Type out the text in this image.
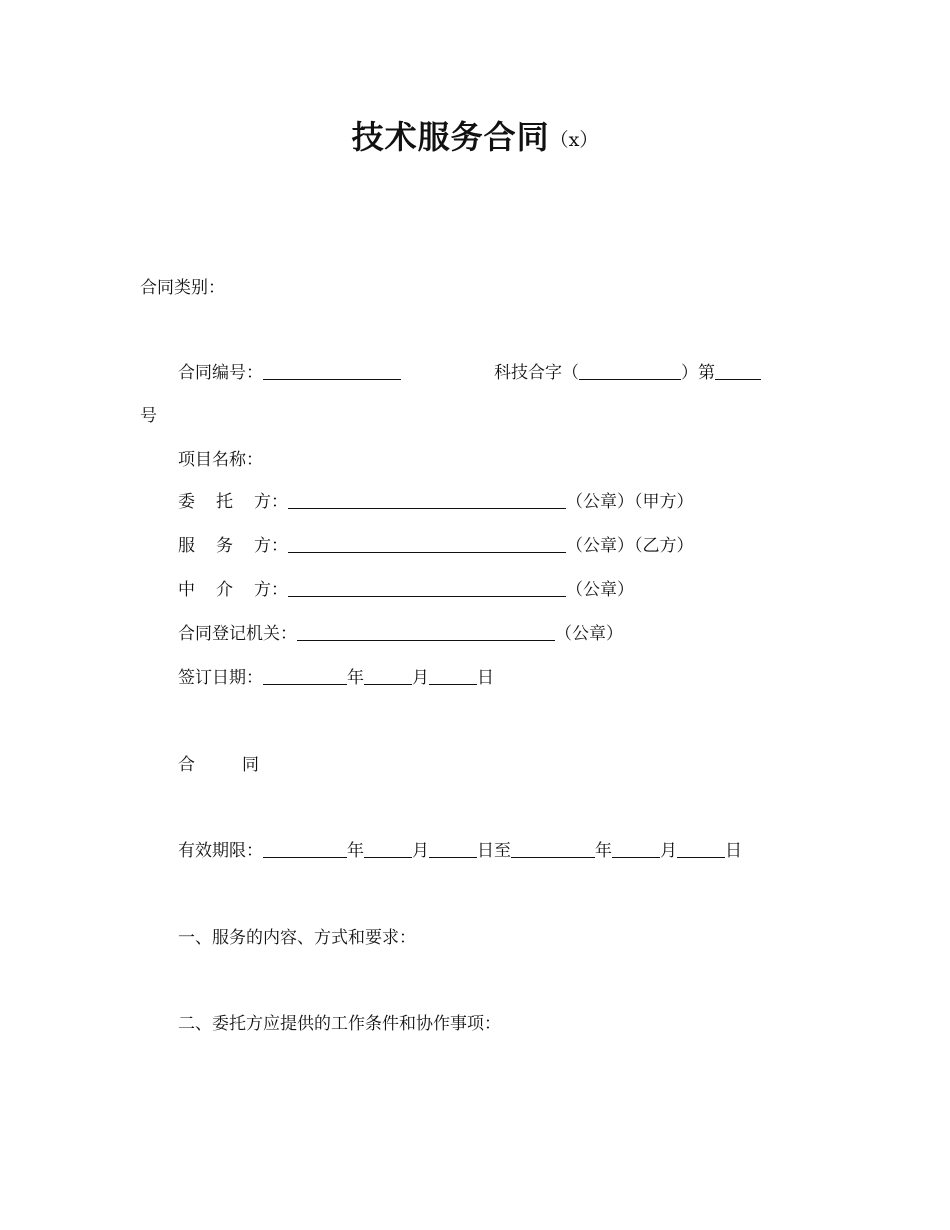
技术服务合同（x）
合同类别：
合同编号：	科技合字（	）第
号
项目名称：
委 托 方：	（公章）（甲方）
服 务 方：	（公章）（乙方）
中 介 方：	（公章）
合同登记机关：	（公章）
签订日期：	年	月	日
合	同
有效期限：	年	月	日至	年	月	日
一、服务的内容、方式和要求：
二、委托方应提供的工作条件和协作事项：
